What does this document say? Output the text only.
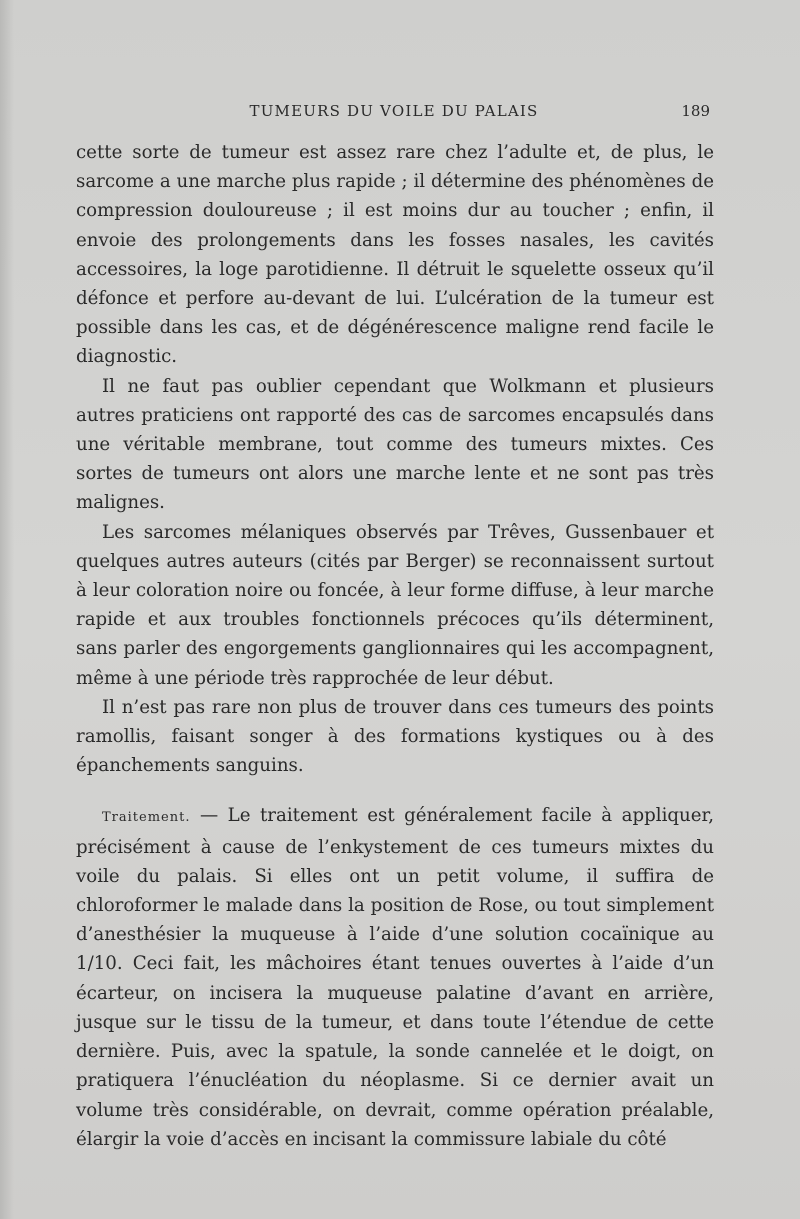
TUMEURS DU VOILE DU PALAIS	189

cette sorte de tumeur est assez rare chez l’adulte et, de plus, le sarcome a une marche plus rapide ; il détermine des phénomènes de compression douloureuse ; il est moins dur au toucher ; enfin, il envoie des prolongements dans les fosses nasales, les cavités accessoires, la loge parotidienne. Il détruit le squelette osseux qu’il défonce et perfore au-devant de lui. L’ulcération de la tumeur est possible dans les cas, et de dégénérescence maligne rend facile le diagnostic.

Il ne faut pas oublier cependant que Wolkmann et plusieurs autres praticiens ont rapporté des cas de sarcomes encapsulés dans une véritable membrane, tout comme des tumeurs mixtes. Ces sortes de tumeurs ont alors une marche lente et ne sont pas très malignes.

Les sarcomes mélaniques observés par Trêves, Gussenbauer et quelques autres auteurs (cités par Berger) se reconnaissent surtout à leur coloration noire ou foncée, à leur forme diffuse, à leur marche rapide et aux troubles fonctionnels précoces qu’ils déterminent, sans parler des engorgements ganglionnaires qui les accompagnent, même à une période très rapprochée de leur début.

Il n’est pas rare non plus de trouver dans ces tumeurs des points ramollis, faisant songer à des formations kystiques ou à des épanchements sanguins.

Traitement. — Le traitement est généralement facile à appliquer, précisément à cause de l’enkystement de ces tumeurs mixtes du voile du palais. Si elles ont un petit volume, il suffira de chloroformer le malade dans la position de Rose, ou tout simplement d’anesthésier la muqueuse à l’aide d’une solution cocaïnique au 1/10. Ceci fait, les mâchoires étant tenues ouvertes à l’aide d’un écarteur, on incisera la muqueuse palatine d’avant en arrière, jusque sur le tissu de la tumeur, et dans toute l’étendue de cette dernière. Puis, avec la spatule, la sonde cannelée et le doigt, on pratiquera l’énucléation du néoplasme. Si ce dernier avait un volume très considérable, on devrait, comme opération préalable, élargir la voie d’accès en incisant la commissure labiale du côté
